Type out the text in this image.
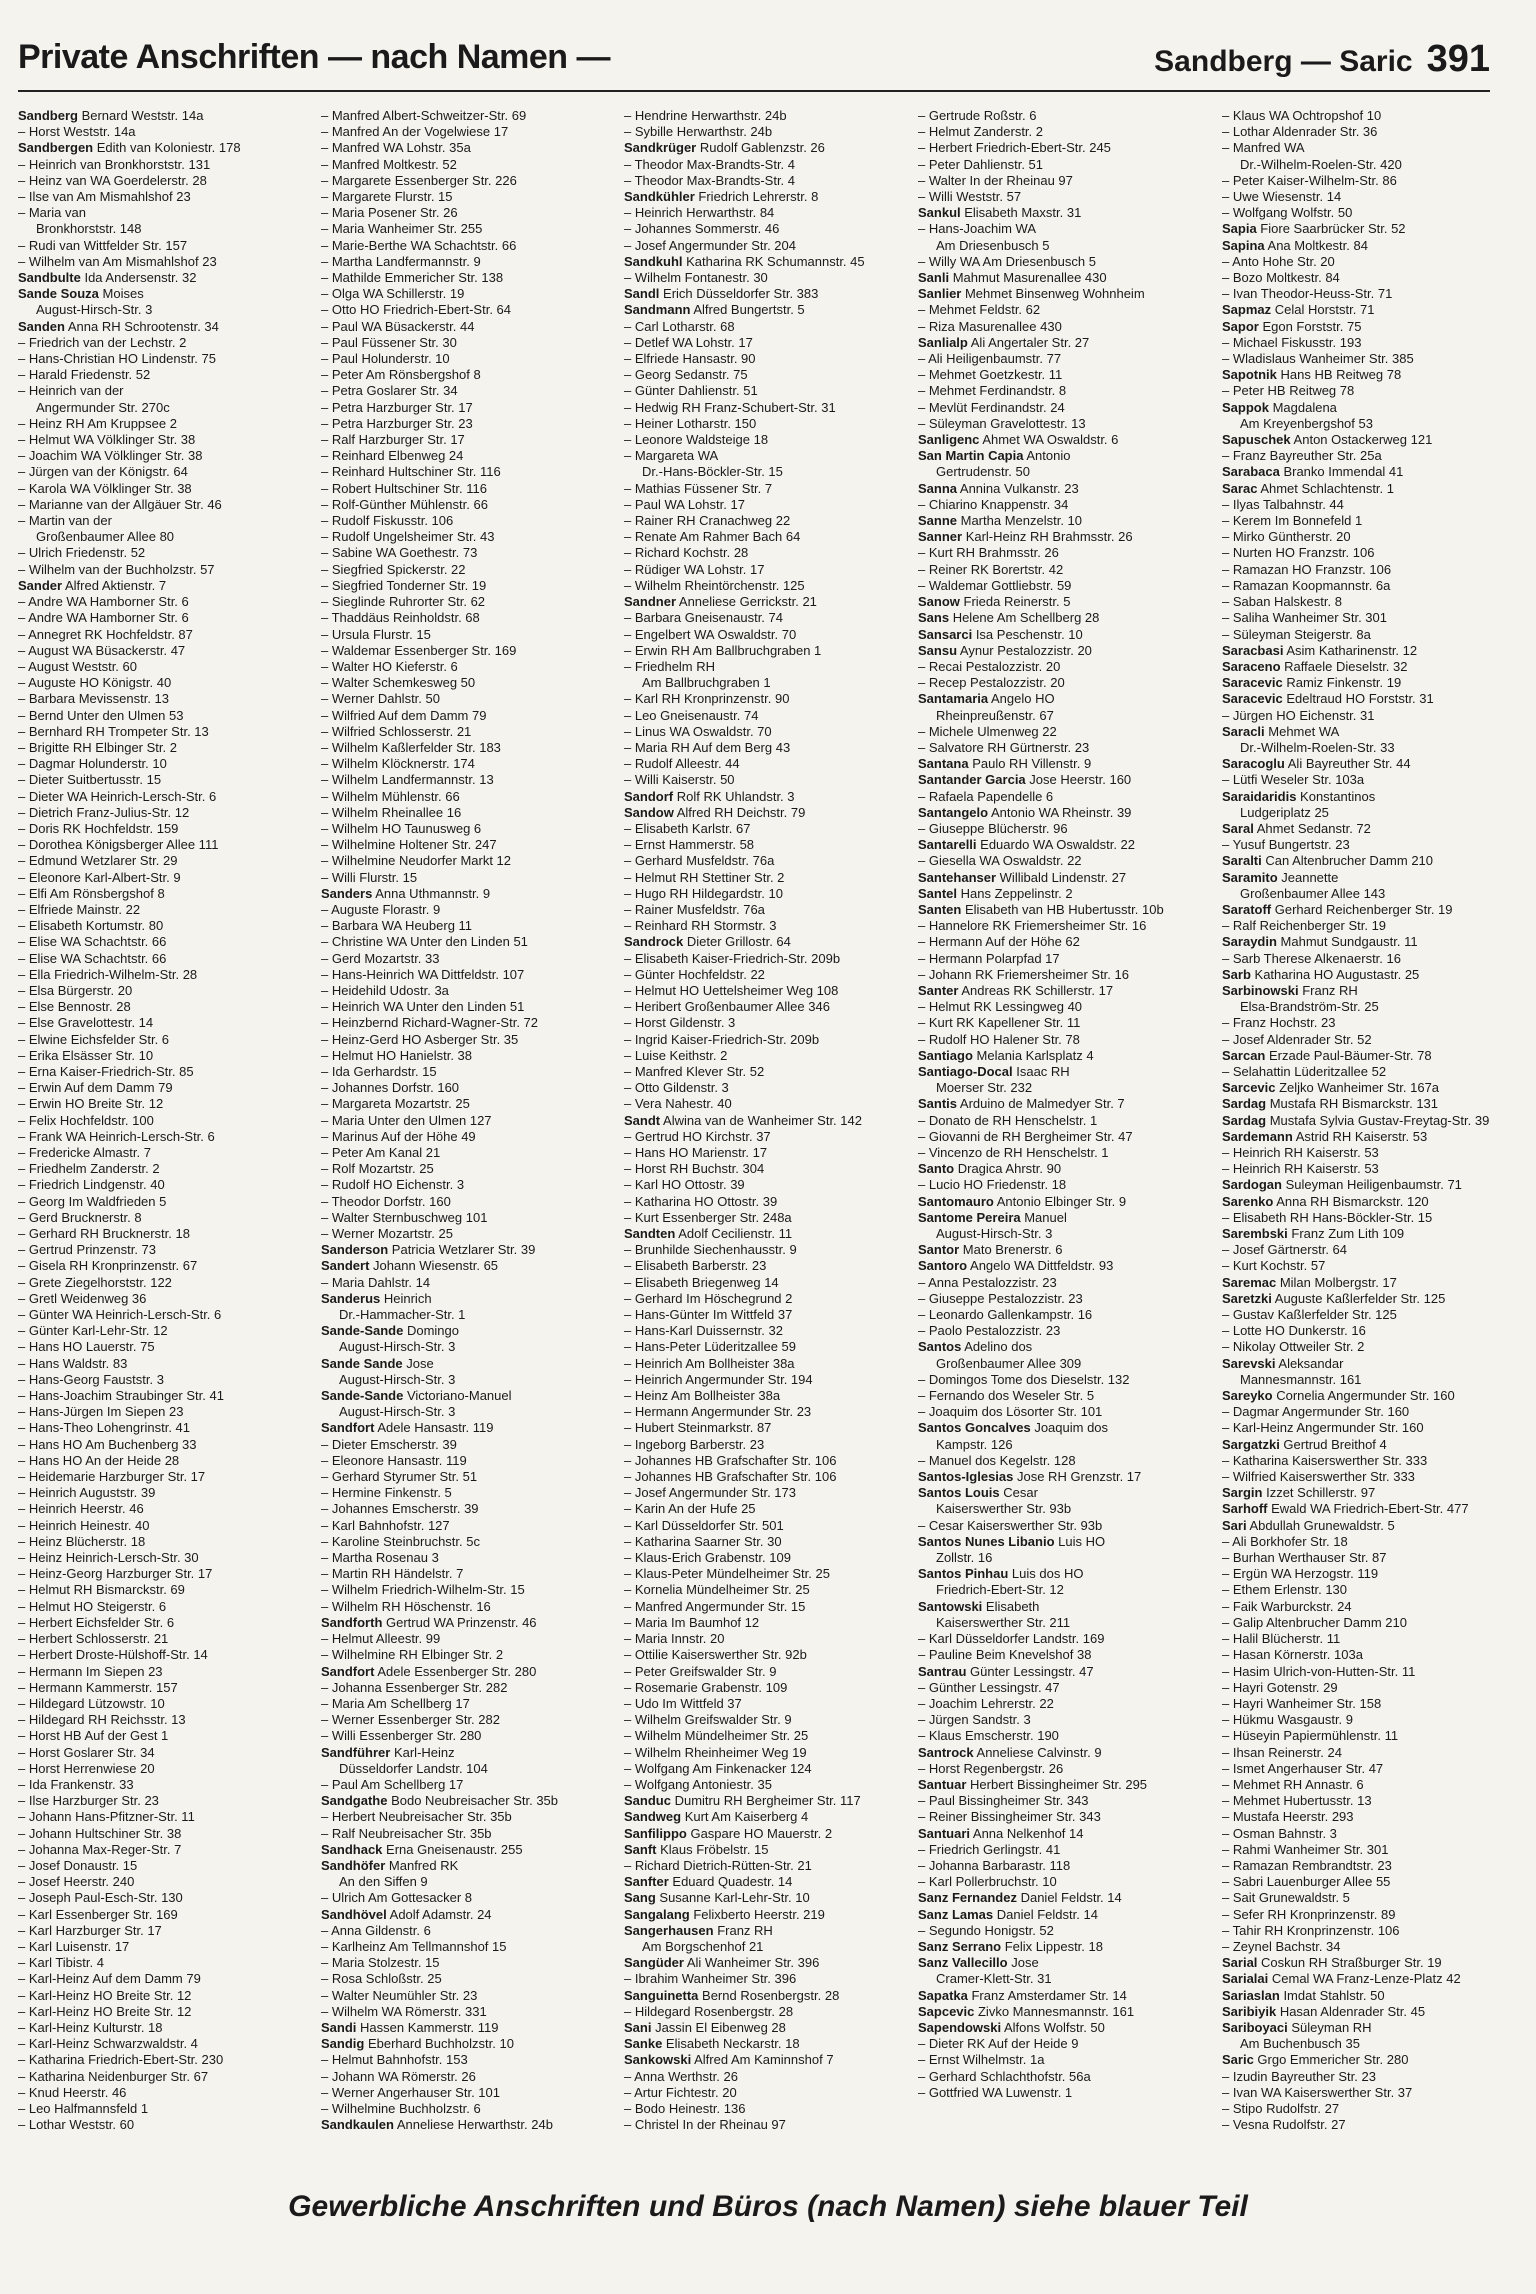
Private Anschriften — nach Namen —	Sandberg — Saric 391
Sandberg Bernard Weststr. 14a
– Horst Weststr. 14a
Sandbergen Edith van Koloniestr. 178
– Heinrich van Bronkhorststr. 131
– Heinz van WA Goerdelerstr. 28
– Ilse van Am Mismahlshof 23
– Maria van
Bronkhorststr. 148
– Rudi van Wittfelder Str. 157
– Wilhelm van Am Mismahlshof 23
Sandbulte Ida Andersenstr. 32
Sande Souza Moises
August-Hirsch-Str. 3
Sanden Anna RH Schrootenstr. 34
– Friedrich van der Lechstr. 2
– Hans-Christian HO Lindenstr. 75
– Harald Friedenstr. 52
– Heinrich van der
Angermunder Str. 270c
– Heinz RH Am Kruppsee 2
– Helmut WA Völklinger Str. 38
– Joachim WA Völklinger Str. 38
– Jürgen van der Königstr. 64
– Karola WA Völklinger Str. 38
– Marianne van der Allgäuer Str. 46
– Martin van der
Großenbaumer Allee 80
– Ulrich Friedenstr. 52
– Wilhelm van der Buchholzstr. 57
Sander Alfred Aktienstr. 7
– Andre WA Hamborner Str. 6
– Andre WA Hamborner Str. 6
– Annegret RK Hochfeldstr. 87
– August WA Büsackerstr. 47
– August Weststr. 60
– Auguste HO Königstr. 40
– Barbara Mevissenstr. 13
– Bernd Unter den Ulmen 53
– Bernhard RH Trompeter Str. 13
– Brigitte RH Elbinger Str. 2
– Dagmar Holunderstr. 10
– Dieter Suitbertusstr. 15
– Dieter WA Heinrich-Lersch-Str. 6
– Dietrich Franz-Julius-Str. 12
– Doris RK Hochfeldstr. 159
– Dorothea Königsberger Allee 111
– Edmund Wetzlarer Str. 29
– Eleonore Karl-Albert-Str. 9
– Elfi Am Rönsbergshof 8
– Elfriede Mainstr. 22
– Elisabeth Kortumstr. 80
– Elise WA Schachtstr. 66
– Elise WA Schachtstr. 66
– Ella Friedrich-Wilhelm-Str. 28
– Elsa Bürgerstr. 20
– Else Bennostr. 28
– Else Gravelottestr. 14
– Elwine Eichsfelder Str. 6
– Erika Elsässer Str. 10
– Erna Kaiser-Friedrich-Str. 85
– Erwin Auf dem Damm 79
– Erwin HO Breite Str. 12
– Felix Hochfeldstr. 100
– Frank WA Heinrich-Lersch-Str. 6
– Fredericke Almastr. 7
– Friedhelm Zanderstr. 2
– Friedrich Lindgenstr. 40
– Georg Im Waldfrieden 5
– Gerd Brucknerstr. 8
– Gerhard RH Brucknerstr. 18
– Gertrud Prinzenstr. 73
– Gisela RH Kronprinzenstr. 67
– Grete Ziegelhorststr. 122
– Gretl Weidenweg 36
– Günter WA Heinrich-Lersch-Str. 6
– Günter Karl-Lehr-Str. 12
– Hans HO Lauerstr. 75
– Hans Waldstr. 83
– Hans-Georg Fauststr. 3
– Hans-Joachim Straubinger Str. 41
– Hans-Jürgen Im Siepen 23
– Hans-Theo Lohengrinstr. 41
– Hans HO Am Buchenberg 33
– Hans HO An der Heide 28
– Heidemarie Harzburger Str. 17
– Heinrich Auguststr. 39
– Heinrich Heerstr. 46
– Heinrich Heinestr. 40
– Heinz Blücherstr. 18
– Heinz Heinrich-Lersch-Str. 30
– Heinz-Georg Harzburger Str. 17
– Helmut RH Bismarckstr. 69
– Helmut HO Steigerstr. 6
– Herbert Eichsfelder Str. 6
– Herbert Schlosserstr. 21
– Herbert Droste-Hülshoff-Str. 14
– Hermann Im Siepen 23
– Hermann Kammerstr. 157
– Hildegard Lützowstr. 10
– Hildegard RH Reichsstr. 13
– Horst HB Auf der Gest 1
– Horst Goslarer Str. 34
– Horst Herrenwiese 20
– Ida Frankenstr. 33
– Ilse Harzburger Str. 23
– Johann Hans-Pfitzner-Str. 11
– Johann Hultschiner Str. 38
– Johanna Max-Reger-Str. 7
– Josef Donaustr. 15
– Josef Heerstr. 240
– Joseph Paul-Esch-Str. 130
– Karl Essenberger Str. 169
– Karl Harzburger Str. 17
– Karl Luisenstr. 17
– Karl Tibistr. 4
– Karl-Heinz Auf dem Damm 79
– Karl-Heinz HO Breite Str. 12
– Karl-Heinz HO Breite Str. 12
– Karl-Heinz Kulturstr. 18
– Karl-Heinz Schwarzwaldstr. 4
– Katharina Friedrich-Ebert-Str. 230
– Katharina Neidenburger Str. 67
– Knud Heerstr. 46
– Leo Halfmannsfeld 1
– Lothar Weststr. 60
– Manfred Albert-Schweitzer-Str. 69
– Manfred An der Vogelwiese 17
– Manfred WA Lohstr. 35a
– Manfred Moltkestr. 52
– Margarete Essenberger Str. 226
– Margarete Flurstr. 15
– Maria Posener Str. 26
– Maria Wanheimer Str. 255
– Marie-Berthe WA Schachtstr. 66
– Martha Landfermannstr. 9
– Mathilde Emmericher Str. 138
– Olga WA Schillerstr. 19
– Otto HO Friedrich-Ebert-Str. 64
– Paul WA Büsackerstr. 44
– Paul Füssener Str. 30
– Paul Holunderstr. 10
– Peter Am Rönsbergshof 8
– Petra Goslarer Str. 34
– Petra Harzburger Str. 17
– Petra Harzburger Str. 23
– Ralf Harzburger Str. 17
– Reinhard Elbenweg 24
– Reinhard Hultschiner Str. 116
– Robert Hultschiner Str. 116
– Rolf-Günther Mühlenstr. 66
– Rudolf Fiskusstr. 106
– Rudolf Ungelsheimer Str. 43
– Sabine WA Goethestr. 73
– Siegfried Spickerstr. 22
– Siegfried Tonderner Str. 19
– Sieglinde Ruhrorter Str. 62
– Thaddäus Reinholdstr. 68
– Ursula Flurstr. 15
– Waldemar Essenberger Str. 169
– Walter HO Kieferstr. 6
– Walter Schemkesweg 50
– Werner Dahlstr. 50
– Wilfried Auf dem Damm 79
– Wilfried Schlosserstr. 21
– Wilhelm Kaßlerfelder Str. 183
– Wilhelm Klöcknerstr. 174
– Wilhelm Landfermannstr. 13
– Wilhelm Mühlenstr. 66
– Wilhelm Rheinallee 16
– Wilhelm HO Taunusweg 6
– Wilhelmine Holtener Str. 247
– Wilhelmine Neudorfer Markt 12
– Willi Flurstr. 15
Sanders Anna Uthmannstr. 9
– Auguste Florastr. 9
– Barbara WA Heuberg 11
– Christine WA Unter den Linden 51
– Gerd Mozartstr. 33
– Hans-Heinrich WA Dittfeldstr. 107
– Heidehild Udostr. 3a
– Heinrich WA Unter den Linden 51
– Heinzbernd Richard-Wagner-Str. 72
– Heinz-Gerd HO Asberger Str. 35
– Helmut HO Hanielstr. 38
– Ida Gerhardstr. 15
– Johannes Dorfstr. 160
– Margareta Mozartstr. 25
– Maria Unter den Ulmen 127
– Marinus Auf der Höhe 49
– Peter Am Kanal 21
– Rolf Mozartstr. 25
– Rudolf HO Eichenstr. 3
– Theodor Dorfstr. 160
– Walter Sternbuschweg 101
– Werner Mozartstr. 25
Sanderson Patricia Wetzlarer Str. 39
Sandert Johann Wiesenstr. 65
– Maria Dahlstr. 14
Sanderus Heinrich
Dr.-Hammacher-Str. 1
Sande-Sande Domingo
August-Hirsch-Str. 3
Sande Sande Jose
August-Hirsch-Str. 3
Sande-Sande Victoriano-Manuel
August-Hirsch-Str. 3
Sandfort Adele Hansastr. 119
– Dieter Emscherstr. 39
– Eleonore Hansastr. 119
– Gerhard Styrumer Str. 51
– Hermine Finkenstr. 5
– Johannes Emscherstr. 39
– Karl Bahnhofstr. 127
– Karoline Steinbruchstr. 5c
– Martha Rosenau 3
– Martin RH Händelstr. 7
– Wilhelm Friedrich-Wilhelm-Str. 15
– Wilhelm RH Höschenstr. 16
Sandforth Gertrud WA Prinzenstr. 46
– Helmut Alleestr. 99
– Wilhelmine RH Elbinger Str. 2
Sandfort Adele Essenberger Str. 280
– Johanna Essenberger Str. 282
– Maria Am Schellberg 17
– Werner Essenberger Str. 282
– Willi Essenberger Str. 280
Sandführer Karl-Heinz
Düsseldorfer Landstr. 104
– Paul Am Schellberg 17
Sandgathe Bodo Neubreisacher Str. 35b
– Herbert Neubreisacher Str. 35b
– Ralf Neubreisacher Str. 35b
Sandhack Erna Gneisenaustr. 255
Sandhöfer Manfred RK
An den Siffen 9
– Ulrich Am Gottesacker 8
Sandhövel Adolf Adamstr. 24
– Anna Gildenstr. 6
– Karlheinz Am Tellmannshof 15
– Maria Stolzestr. 15
– Rosa Schloßstr. 25
– Walter Neumühler Str. 23
– Wilhelm WA Römerstr. 331
Sandi Hassen Kammerstr. 119
Sandig Eberhard Buchholzstr. 10
– Helmut Bahnhofstr. 153
– Johann WA Römerstr. 26
– Werner Angerhauser Str. 101
– Wilhelmine Buchholzstr. 6
Sandkaulen Anneliese Herwarthstr. 24b
– Hendrine Herwarthstr. 24b
– Sybille Herwarthstr. 24b
Sandkrüger Rudolf Gablenzstr. 26
– Theodor Max-Brandts-Str. 4
– Theodor Max-Brandts-Str. 4
Sandkühler Friedrich Lehrerstr. 8
– Heinrich Herwarthstr. 84
– Johannes Sommerstr. 46
– Josef Angermunder Str. 204
Sandkuhl Katharina RK Schumannstr. 45
– Wilhelm Fontanestr. 30
Sandl Erich Düsseldorfer Str. 383
Sandmann Alfred Bungertstr. 5
– Carl Lotharstr. 68
– Detlef WA Lohstr. 17
– Elfriede Hansastr. 90
– Georg Sedanstr. 75
– Günter Dahlienstr. 51
– Hedwig RH Franz-Schubert-Str. 31
– Heiner Lotharstr. 150
– Leonore Waldsteige 18
– Margareta WA
Dr.-Hans-Böckler-Str. 15
– Mathias Füssener Str. 7
– Paul WA Lohstr. 17
– Rainer RH Cranachweg 22
– Renate Am Rahmer Bach 64
– Richard Kochstr. 28
– Rüdiger WA Lohstr. 17
– Wilhelm Rheintörchenstr. 125
Sandner Anneliese Gerrickstr. 21
– Barbara Gneisenaustr. 74
– Engelbert WA Oswaldstr. 70
– Erwin RH Am Ballbruchgraben 1
– Friedhelm RH
Am Ballbruchgraben 1
– Karl RH Kronprinzenstr. 90
– Leo Gneisenaustr. 74
– Linus WA Oswaldstr. 70
– Maria RH Auf dem Berg 43
– Rudolf Alleestr. 44
– Willi Kaiserstr. 50
Sandorf Rolf RK Uhlandstr. 3
Sandow Alfred RH Deichstr. 79
– Elisabeth Karlstr. 67
– Ernst Hammerstr. 58
– Gerhard Musfeldstr. 76a
– Helmut RH Stettiner Str. 2
– Hugo RH Hildegardstr. 10
– Rainer Musfeldstr. 76a
– Reinhard RH Stormstr. 3
Sandrock Dieter Grillostr. 64
– Elisabeth Kaiser-Friedrich-Str. 209b
– Günter Hochfeldstr. 22
– Helmut HO Uettelsheimer Weg 108
– Heribert Großenbaumer Allee 346
– Horst Gildenstr. 3
– Ingrid Kaiser-Friedrich-Str. 209b
– Luise Keithstr. 2
– Manfred Klever Str. 52
– Otto Gildenstr. 3
– Vera Nahestr. 40
Sandt Alwina van de Wanheimer Str. 142
– Gertrud HO Kirchstr. 37
– Hans HO Marienstr. 17
– Horst RH Buchstr. 304
– Karl HO Ottostr. 39
– Katharina HO Ottostr. 39
– Kurt Essenberger Str. 248a
Sandten Adolf Cecilienstr. 11
– Brunhilde Siechenhausstr. 9
– Elisabeth Barberstr. 23
– Elisabeth Briegenweg 14
– Gerhard Im Höschegrund 2
– Hans-Günter Im Wittfeld 37
– Hans-Karl Duissernstr. 32
– Hans-Peter Lüderitzallee 59
– Heinrich Am Bollheister 38a
– Heinrich Angermunder Str. 194
– Heinz Am Bollheister 38a
– Hermann Angermunder Str. 23
– Hubert Steinmarkstr. 87
– Ingeborg Barberstr. 23
– Johannes HB Grafschafter Str. 106
– Johannes HB Grafschafter Str. 106
– Josef Angermunder Str. 173
– Karin An der Hufe 25
– Karl Düsseldorfer Str. 501
– Katharina Saarner Str. 30
– Klaus-Erich Grabenstr. 109
– Klaus-Peter Mündelheimer Str. 25
– Kornelia Mündelheimer Str. 25
– Manfred Angermunder Str. 15
– Maria Im Baumhof 12
– Maria Innstr. 20
– Ottilie Kaiserswerther Str. 92b
– Peter Greifswalder Str. 9
– Rosemarie Grabenstr. 109
– Udo Im Wittfeld 37
– Wilhelm Greifswalder Str. 9
– Wilhelm Mündelheimer Str. 25
– Wilhelm Rheinheimer Weg 19
– Wolfgang Am Finkenacker 124
– Wolfgang Antoniestr. 35
Sanduc Dumitru RH Bergheimer Str. 117
Sandweg Kurt Am Kaiserberg 4
Sanfilippo Gaspare HO Mauerstr. 2
Sanft Klaus Fröbelstr. 15
– Richard Dietrich-Rütten-Str. 21
Sanfter Eduard Quadestr. 14
Sang Susanne Karl-Lehr-Str. 10
Sangalang Felixberto Heerstr. 219
Sangerhausen Franz RH
Am Borgschenhof 21
Sangüder Ali Wanheimer Str. 396
– Ibrahim Wanheimer Str. 396
Sanguinetta Bernd Rosenbergstr. 28
– Hildegard Rosenbergstr. 28
Sani Jassin El Eibenweg 28
Sanke Elisabeth Neckarstr. 18
Sankowski Alfred Am Kaminnshof 7
– Anna Werthstr. 26
– Artur Fichtestr. 20
– Bodo Heinestr. 136
– Christel In der Rheinau 97
– Gertrude Roßstr. 6
– Helmut Zanderstr. 2
– Herbert Friedrich-Ebert-Str. 245
– Peter Dahlienstr. 51
– Walter In der Rheinau 97
– Willi Weststr. 57
Sankul Elisabeth Maxstr. 31
– Hans-Joachim WA
Am Driesenbusch 5
– Willy WA Am Driesenbusch 5
Sanli Mahmut Masurenallee 430
Sanlier Mehmet Binsenweg Wohnheim
– Mehmet Feldstr. 62
– Riza Masurenallee 430
Sanlialp Ali Angertaler Str. 27
– Ali Heiligenbaumstr. 77
– Mehmet Goetzkestr. 11
– Mehmet Ferdinandstr. 8
– Mevlüt Ferdinandstr. 24
– Süleyman Gravelottestr. 13
Sanligenc Ahmet WA Oswaldstr. 6
San Martin Capia Antonio
Gertrudenstr. 50
Sanna Annina Vulkanstr. 23
– Chiarino Knappenstr. 34
Sanne Martha Menzelstr. 10
Sanner Karl-Heinz RH Brahmsstr. 26
– Kurt RH Brahmsstr. 26
– Reiner RK Borertstr. 42
– Waldemar Gottliebstr. 59
Sanow Frieda Reinerstr. 5
Sans Helene Am Schellberg 28
Sansarci Isa Peschenstr. 10
Sansu Aynur Pestalozzistr. 20
– Recai Pestalozzistr. 20
– Recep Pestalozzistr. 20
Santamaria Angelo HO
Rheinpreußenstr. 67
– Michele Ulmenweg 22
– Salvatore RH Gürtnerstr. 23
Santana Paulo RH Villenstr. 9
Santander Garcia Jose Heerstr. 160
– Rafaela Papendelle 6
Santangelo Antonio WA Rheinstr. 39
– Giuseppe Blücherstr. 96
Santarelli Eduardo WA Oswaldstr. 22
– Giesella WA Oswaldstr. 22
Santehanser Willibald Lindenstr. 27
Santel Hans Zeppelinstr. 2
Santen Elisabeth van HB Hubertusstr. 10b
– Hannelore RK Friemersheimer Str. 16
– Hermann Auf der Höhe 62
– Hermann Polarpfad 17
– Johann RK Friemersheimer Str. 16
Santer Andreas RK Schillerstr. 17
– Helmut RK Lessingweg 40
– Kurt RK Kapellener Str. 11
– Rudolf HO Halener Str. 78
Santiago Melania Karlsplatz 4
Santiago-Docal Isaac RH
Moerser Str. 232
Santis Arduino de Malmedyer Str. 7
– Donato de RH Henschelstr. 1
– Giovanni de RH Bergheimer Str. 47
– Vincenzo de RH Henschelstr. 1
Santo Dragica Ahrstr. 90
– Lucio HO Friedenstr. 18
Santomauro Antonio Elbinger Str. 9
Santome Pereira Manuel
August-Hirsch-Str. 3
Santor Mato Brenerstr. 6
Santoro Angelo WA Dittfeldstr. 93
– Anna Pestalozzistr. 23
– Giuseppe Pestalozzistr. 23
– Leonardo Gallenkampstr. 16
– Paolo Pestalozzistr. 23
Santos Adelino dos
Großenbaumer Allee 309
– Domingos Tome dos Dieselstr. 132
– Fernando dos Weseler Str. 5
– Joaquim dos Lösorter Str. 101
Santos Goncalves Joaquim dos
Kampstr. 126
– Manuel dos Kegelstr. 128
Santos-Iglesias Jose RH Grenzstr. 17
Santos Louis Cesar
Kaiserswerther Str. 93b
– Cesar Kaiserswerther Str. 93b
Santos Nunes Libanio Luis HO
Zollstr. 16
Santos Pinhau Luis dos HO
Friedrich-Ebert-Str. 12
Santowski Elisabeth
Kaiserswerther Str. 211
– Karl Düsseldorfer Landstr. 169
– Pauline Beim Knevelshof 38
Santrau Günter Lessingstr. 47
– Günther Lessingstr. 47
– Joachim Lehrerstr. 22
– Jürgen Sandstr. 3
– Klaus Emscherstr. 190
Santrock Anneliese Calvinstr. 9
– Horst Regenbergstr. 26
Santuar Herbert Bissingheimer Str. 295
– Paul Bissingheimer Str. 343
– Reiner Bissingheimer Str. 343
Santuari Anna Nelkenhof 14
– Friedrich Gerlingstr. 41
– Johanna Barbarastr. 118
– Karl Pollerbruchstr. 10
Sanz Fernandez Daniel Feldstr. 14
Sanz Lamas Daniel Feldstr. 14
– Segundo Honigstr. 52
Sanz Serrano Felix Lippestr. 18
Sanz Vallecillo Jose
Cramer-Klett-Str. 31
Sapatka Franz Amsterdamer Str. 14
Sapcevic Zivko Mannesmannstr. 161
Sapendowski Alfons Wolfstr. 50
– Dieter RK Auf der Heide 9
– Ernst Wilhelmstr. 1a
– Gerhard Schlachthofstr. 56a
– Gottfried WA Luwenstr. 1
– Klaus WA Ochtropshof 10
– Lothar Aldenrader Str. 36
– Manfred WA
Dr.-Wilhelm-Roelen-Str. 420
– Peter Kaiser-Wilhelm-Str. 86
– Uwe Wiesenstr. 14
– Wolfgang Wolfstr. 50
Sapia Fiore Saarbrücker Str. 52
Sapina Ana Moltkestr. 84
– Anto Hohe Str. 20
– Bozo Moltkestr. 84
– Ivan Theodor-Heuss-Str. 71
Sapmaz Celal Horststr. 71
Sapor Egon Forststr. 75
– Michael Fiskusstr. 193
– Wladislaus Wanheimer Str. 385
Sapotnik Hans HB Reitweg 78
– Peter HB Reitweg 78
Sappok Magdalena
Am Kreyenbergshof 53
Sapuschek Anton Ostackerweg 121
– Franz Bayreuther Str. 25a
Sarabaca Branko Immendal 41
Sarac Ahmet Schlachtenstr. 1
– Ilyas Talbahnstr. 44
– Kerem Im Bonnefeld 1
– Mirko Güntherstr. 20
– Nurten HO Franzstr. 106
– Ramazan HO Franzstr. 106
– Ramazan Koopmannstr. 6a
– Saban Halskestr. 8
– Saliha Wanheimer Str. 301
– Süleyman Steigerstr. 8a
Saracbasi Asim Katharinenstr. 12
Saraceno Raffaele Dieselstr. 32
Saracevic Ramiz Finkenstr. 19
Saracevic Edeltraud HO Forststr. 31
– Jürgen HO Eichenstr. 31
Saracli Mehmet WA
Dr.-Wilhelm-Roelen-Str. 33
Saracoglu Ali Bayreuther Str. 44
– Lütfi Weseler Str. 103a
Saraidaridis Konstantinos
Ludgeriplatz 25
Saral Ahmet Sedanstr. 72
– Yusuf Bungertstr. 23
Saralti Can Altenbrucher Damm 210
Saramito Jeannette
Großenbaumer Allee 143
Saratoff Gerhard Reichenberger Str. 19
– Ralf Reichenberger Str. 19
Saraydin Mahmut Sundgaustr. 11
– Sarb Therese Alkenaerstr. 16
Sarb Katharina HO Augustastr. 25
Sarbinowski Franz RH
Elsa-Brandström-Str. 25
– Franz Hochstr. 23
– Josef Aldenrader Str. 52
Sarcan Erzade Paul-Bäumer-Str. 78
– Selahattin Lüderitzallee 52
Sarcevic Zeljko Wanheimer Str. 167a
Sardag Mustafa RH Bismarckstr. 131
Sardag Mustafa Sylvia Gustav-Freytag-Str. 39
Sardemann Astrid RH Kaiserstr. 53
– Heinrich RH Kaiserstr. 53
– Heinrich RH Kaiserstr. 53
Sardogan Suleyman Heiligenbaumstr. 71
Sarenko Anna RH Bismarckstr. 120
– Elisabeth RH Hans-Böckler-Str. 15
Sarembski Franz Zum Lith 109
– Josef Gärtnerstr. 64
– Kurt Kochstr. 57
Saremac Milan Molbergstr. 17
Saretzki Auguste Kaßlerfelder Str. 125
– Gustav Kaßlerfelder Str. 125
– Lotte HO Dunkerstr. 16
– Nikolay Ottweiler Str. 2
Sarevski Aleksandar
Mannesmannstr. 161
Sareyko Cornelia Angermunder Str. 160
– Dagmar Angermunder Str. 160
– Karl-Heinz Angermunder Str. 160
Sargatzki Gertrud Breithof 4
– Katharina Kaiserswerther Str. 333
– Wilfried Kaiserswerther Str. 333
Sargin Izzet Schillerstr. 97
Sarhoff Ewald WA Friedrich-Ebert-Str. 477
Sari Abdullah Grunewaldstr. 5
– Ali Borkhofer Str. 18
– Burhan Werthauser Str. 87
– Ergün WA Herzogstr. 119
– Ethem Erlenstr. 130
– Faik Warburckstr. 24
– Galip Altenbrucher Damm 210
– Halil Blücherstr. 11
– Hasan Körnerstr. 103a
– Hasim Ulrich-von-Hutten-Str. 11
– Hayri Gotenstr. 29
– Hayri Wanheimer Str. 158
– Hükmu Wasgaustr. 9
– Hüseyin Papiermühlenstr. 11
– Ihsan Reinerstr. 24
– Ismet Angerhauser Str. 47
– Mehmet RH Annastr. 6
– Mehmet Hubertusstr. 13
– Mustafa Heerstr. 293
– Osman Bahnstr. 3
– Rahmi Wanheimer Str. 301
– Ramazan Rembrandtstr. 23
– Sabri Lauenburger Allee 55
– Sait Grunewaldstr. 5
– Sefer RH Kronprinzenstr. 89
– Tahir RH Kronprinzenstr. 106
– Zeynel Bachstr. 34
Sarial Coskun RH Straßburger Str. 19
Sarialai Cemal WA Franz-Lenze-Platz 42
Sariaslan Imdat Stahlstr. 50
Saribiyik Hasan Aldenrader Str. 45
Sariboyaci Süleyman RH
Am Buchenbusch 35
Saric Grgo Emmericher Str. 280
– Izudin Bayreuther Str. 23
– Ivan WA Kaiserswerther Str. 37
– Stipo Rudolfstr. 27
– Vesna Rudolfstr. 27
Gewerbliche Anschriften und Büros (nach Namen) siehe blauer Teil
